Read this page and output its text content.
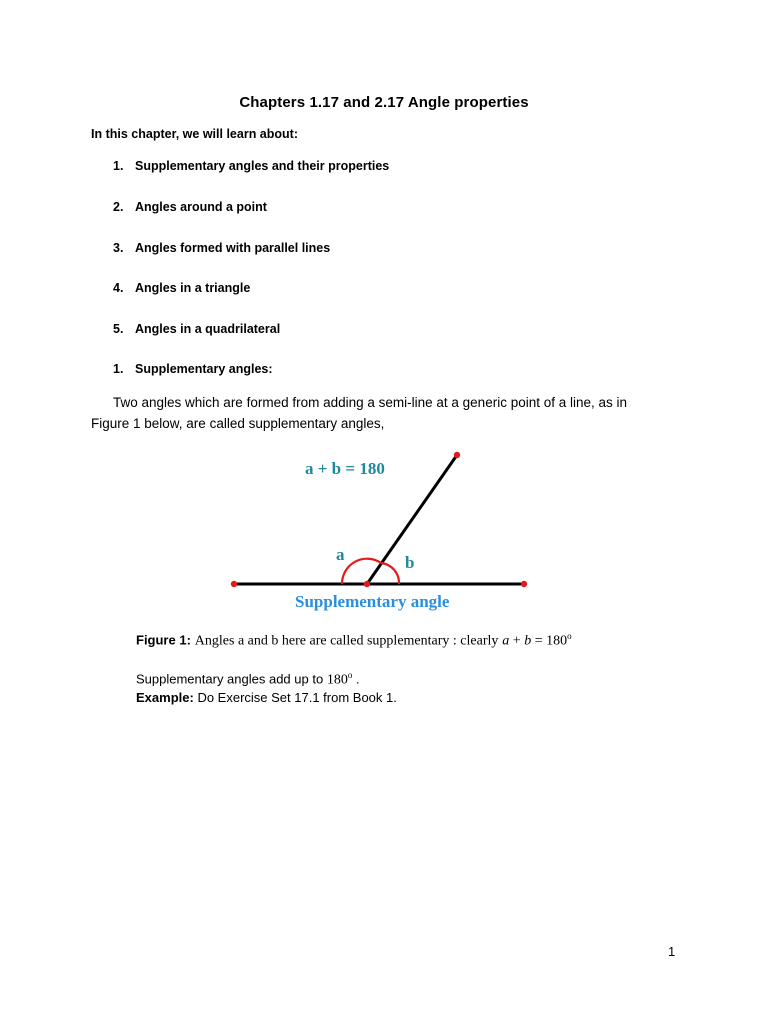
Chapters 1.17 and 2.17 Angle properties
In this chapter, we will learn about:
1. Supplementary angles and their properties
2. Angles around a point
3. Angles formed with parallel lines
4. Angles in a triangle
5. Angles in a quadrilateral
1. Supplementary angles:
Two angles which are formed from adding a semi-line at a generic point of a line, as in Figure 1 below, are called supplementary angles,
a + b = 180
a	b
Supplementary angle
Figure 1: Angles a and b here are called supplementary : clearly $a + b = 180^o$
Supplementary angles add up to 180$^o$ .
Example: Do Exercise Set 17.1 from Book 1.
1
